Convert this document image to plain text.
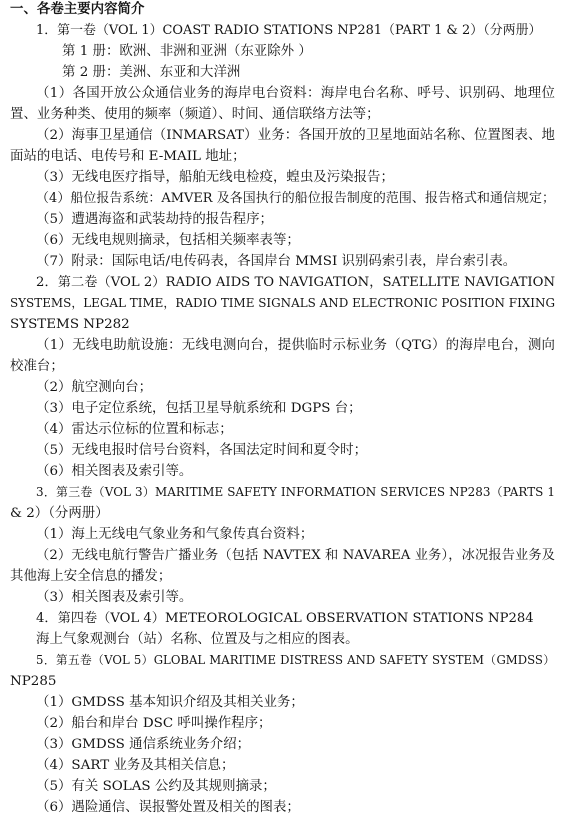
一、各卷主要内容简介
1．第一卷（VOL 1）COAST RADIO STATIONS NP281（PART 1 & 2）（分两册）
第 1 册：欧洲、非洲和亚洲（东亚除外 ）
第 2 册：美洲、东亚和大洋洲
（1）各国开放公众通信业务的海岸电台资料：海岸电台名称、呼号、识别码、地理位
置、业务种类、使用的频率（频道）、时间、通信联络方法等；
（2）海事卫星通信（INMARSAT）业务：各国开放的卫星地面站名称、位置图表、地
面站的电话、电传号和 E-MAIL 地址；
（3）无线电医疗指导，船舶无线电检疫，蝗虫及污染报告；
（4）船位报告系统：AMVER 及各国执行的船位报告制度的范围、报告格式和通信规定；
（5）遭遇海盗和武装劫持的报告程序；
（6）无线电规则摘录，包括相关频率表等；
（7）附录：国际电话/电传码表，各国岸台 MMSI 识别码索引表，岸台索引表。
2．第二卷（VOL 2）RADIO AIDS TO NAVIGATION，SATELLITE NAVIGATION
SYSTEMS，LEGAL TIME，RADIO TIME SIGNALS AND ELECTRONIC POSITION FIXING
SYSTEMS NP282
（1）无线电助航设施：无线电测向台，提供临时示标业务（QTG）的海岸电台，测向
校准台；
（2）航空测向台；
（3）电子定位系统，包括卫星导航系统和 DGPS 台；
（4）雷达示位标的位置和标志；
（5）无线电报时信号台资料，各国法定时间和夏令时；
（6）相关图表及索引等。
3．第三卷（VOL 3）MARITIME SAFETY INFORMATION SERVICES NP283（PARTS 1
& 2）（分两册）
（1）海上无线电气象业务和气象传真台资料；
（2）无线电航行警告广播业务（包括 NAVTEX 和 NAVAREA 业务），冰况报告业务及
其他海上安全信息的播发；
（3）相关图表及索引等。
4．第四卷（VOL 4）METEOROLOGICAL OBSERVATION STATIONS NP284
海上气象观测台（站）名称、位置及与之相应的图表。
5．第五卷（VOL 5）GLOBAL MARITIME DISTRESS AND SAFETY SYSTEM（GMDSS）
NP285
（1）GMDSS 基本知识介绍及其相关业务；
（2）船台和岸台 DSC 呼叫操作程序；
（3）GMDSS 通信系统业务介绍；
（4）SART 业务及其相关信息；
（5）有关 SOLAS 公约及其规则摘录；
（6）遇险通信、误报警处置及相关的图表；
